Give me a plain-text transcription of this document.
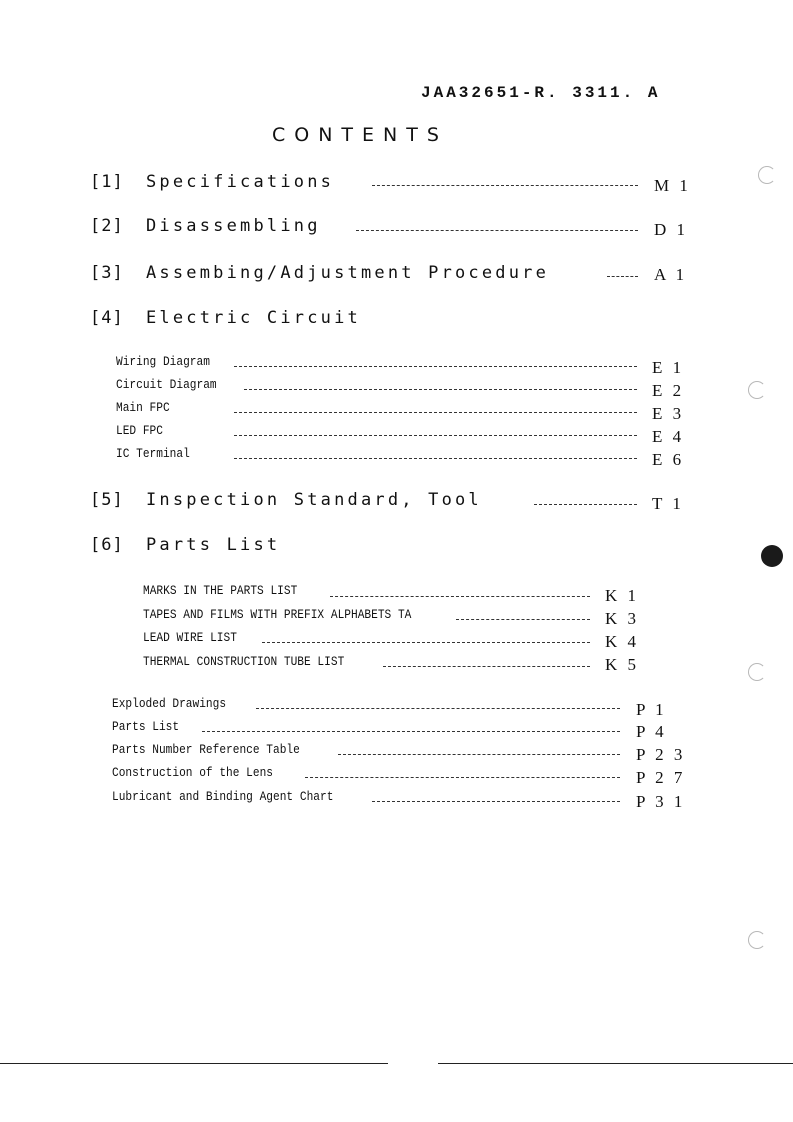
JAA32651-R. 3311. A
CONTENTS
[1]	Specifications	M 1
[2]	Disassembling	D 1
[3]	Assembing/Adjustment Procedure	A 1
[4]	Electric Circuit
Wiring Diagram	E 1
Circuit Diagram	E 2
Main FPC	E 3
LED FPC	E 4
IC Terminal	E 6
[5]	Inspection Standard, Tool	T 1
[6]	Parts List
MARKS IN THE PARTS LIST	K 1
TAPES AND FILMS WITH PREFIX ALPHABETS TA	K 3
LEAD WIRE LIST	K 4
THERMAL CONSTRUCTION TUBE LIST	K 5
Exploded Drawings	P 1
Parts List	P 4
Parts Number Reference Table	P 2 3
Construction of the Lens	P 2 7
Lubricant and Binding Agent Chart	P 3 1
